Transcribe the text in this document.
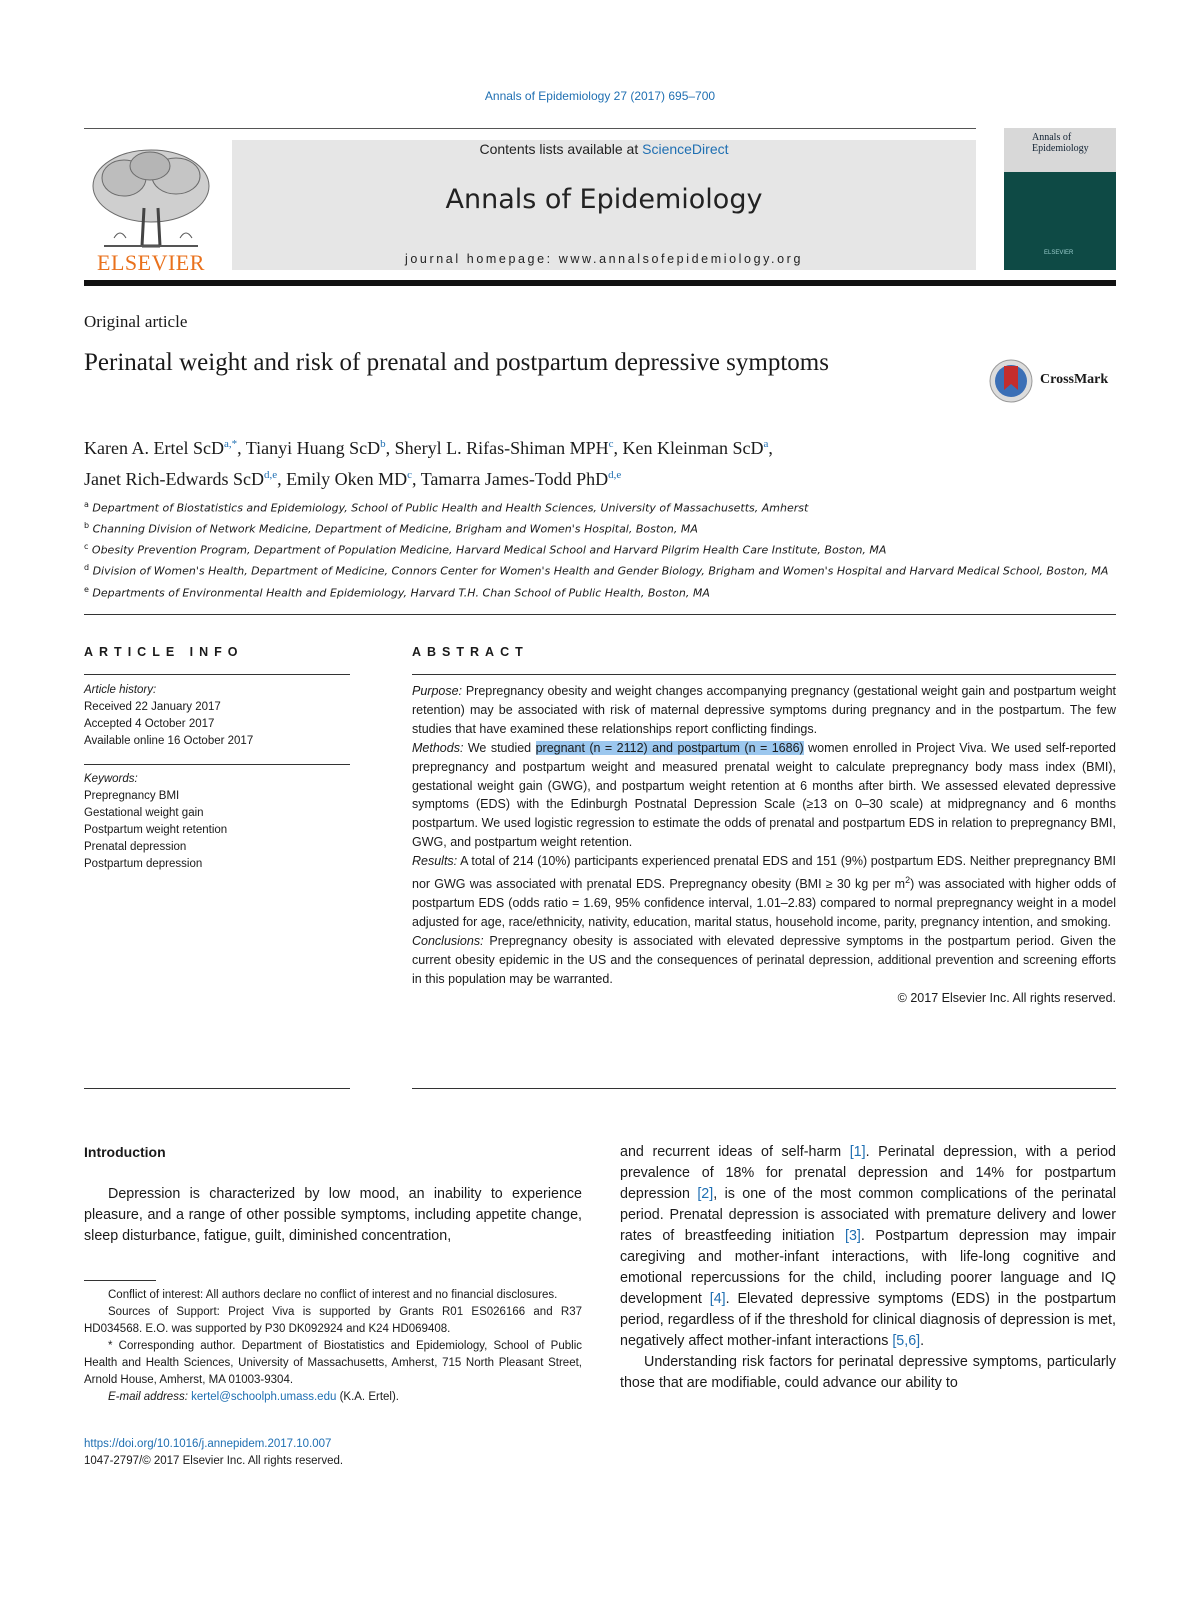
Annals of Epidemiology 27 (2017) 695–700
ELSEVIER
Contents lists available at ScienceDirect
Annals of Epidemiology
journal homepage: www.annalsofepidemiology.org
Annals of Epidemiology
ELSEVIER
Original article
Perinatal weight and risk of prenatal and postpartum depressive symptoms
CrossMark
Karen A. Ertel ScD$^{a,*}$, Tianyi Huang ScD$^b$, Sheryl L. Rifas-Shiman MPH$^c$, Ken Kleinman ScD$^a$,
Janet Rich-Edwards ScD$^{d,e}$, Emily Oken $MD^c$, Tamarra James-Todd PhD$^{d,e}$

$^a$ Department of Biostatistics and Epidemiology, School of Public Health and Health Sciences, University of Massachusetts, Amherst

$^b$ Channing Division of Network Medicine, Department of Medicine, Brigham and Women's Hospital, Boston, MA

$^c$ Obesity Prevention Program, Department of Population Medicine, Harvard Medical School and Harvard Pilgrim Health Care Institute, Boston, MA

$^d$ Division of Women's Health, Department of Medicine, Connors Center for Women's Health and Gender Biology, Brigham and Women's Hospital and Harvard Medical School, Boston, MA

$^e$ Departments of Environmental Health and Epidemiology, Harvard T.H. Chan School of Public Health, Boston, MA

ARTICLE INFO

Article history:

Received 22 January 2017

Accepted 4 October 2017

Available online 16 October 2017

Keywords:

Prepregnancy BMI

Gestational weight gain

Postpartum weight retention

Prenatal depression

Postpartum depression

ABSTRACT

Purpose: Prepregnancy obesity and weight changes accompanying pregnancy (gestational weight gain and postpartum weight retention) may be associated with risk of maternal depressive symptoms during pregnancy and in the postpartum. The few studies that have examined these relationships report conflicting findings.

Methods: We studied pregnant (n = 2112) and postpartum (n = 1686) women enrolled in Project Viva. We used self-reported prepregnancy and postpartum weight and measured prenatal weight to calculate prepregnancy body mass index (BMI), gestational weight gain (GWG), and postpartum weight retention at 6 months after birth. We assessed elevated depressive symptoms (EDS) with the Edinburgh Postnatal Depression Scale (≥13 on 0–30 scale) at midpregnancy and 6 months postpartum. We used logistic regression to estimate the odds of prenatal and postpartum EDS in relation to prepregnancy BMI, GWG, and postpartum weight retention.

Results: A total of 214 (10%) participants experienced prenatal EDS and 151 (9%) postpartum EDS. Neither prepregnancy BMI nor GWG was associated with prenatal EDS. Prepregnancy obesity (BMI ≥ 30 kg per $m^2$) was associated with higher odds of postpartum EDS (odds ratio = 1.69, 95% confidence interval, 1.01–2.83) compared to normal prepregnancy weight in a model adjusted for age, race/ethnicity, nativity, education, marital status, household income, parity, pregnancy intention, and smoking.

Conclusions: Prepregnancy obesity is associated with elevated depressive symptoms in the postpartum period. Given the current obesity epidemic in the US and the consequences of perinatal depression, additional prevention and screening efforts in this population may be warranted.

© 2017 Elsevier Inc. All rights reserved.

Introduction

Depression is characterized by low mood, an inability to experience pleasure, and a range of other possible symptoms, including appetite change, sleep disturbance, fatigue, guilt, diminished concentration,

and recurrent ideas of self-harm [1]. Perinatal depression, with a period prevalence of 18% for prenatal depression and 14% for postpartum depression [2], is one of the most common complications of the perinatal period. Prenatal depression is associated with premature delivery and lower rates of breastfeeding initiation [3]. Postpartum depression may impair caregiving and mother-infant interactions, with life-long cognitive and emotional repercussions for the child, including poorer language and IQ development [4]. Elevated depressive symptoms (EDS) in the postpartum period, regardless of if the threshold for clinical diagnosis of depression is met, negatively affect mother-infant interactions [5,6].

Understanding risk factors for perinatal depressive symptoms, particularly those that are modifiable, could advance our ability to

Conflict of interest: All authors declare no conflict of interest and no financial disclosures.

Sources of Support: Project Viva is supported by Grants R01 ES026166 and R37 HD034568. E.O. was supported by P30 DK092924 and K24 HD069408.

* Corresponding author. Department of Biostatistics and Epidemiology, School of Public Health and Health Sciences, University of Massachusetts, Amherst, 715 North Pleasant Street, Arnold House, Amherst, MA 01003-9304.

E-mail address: kertel@schoolph.umass.edu (K.A. Ertel).

https://doi.org/10.1016/j.annepidem.2017.10.007
1047-2797/© 2017 Elsevier Inc. All rights reserved.
